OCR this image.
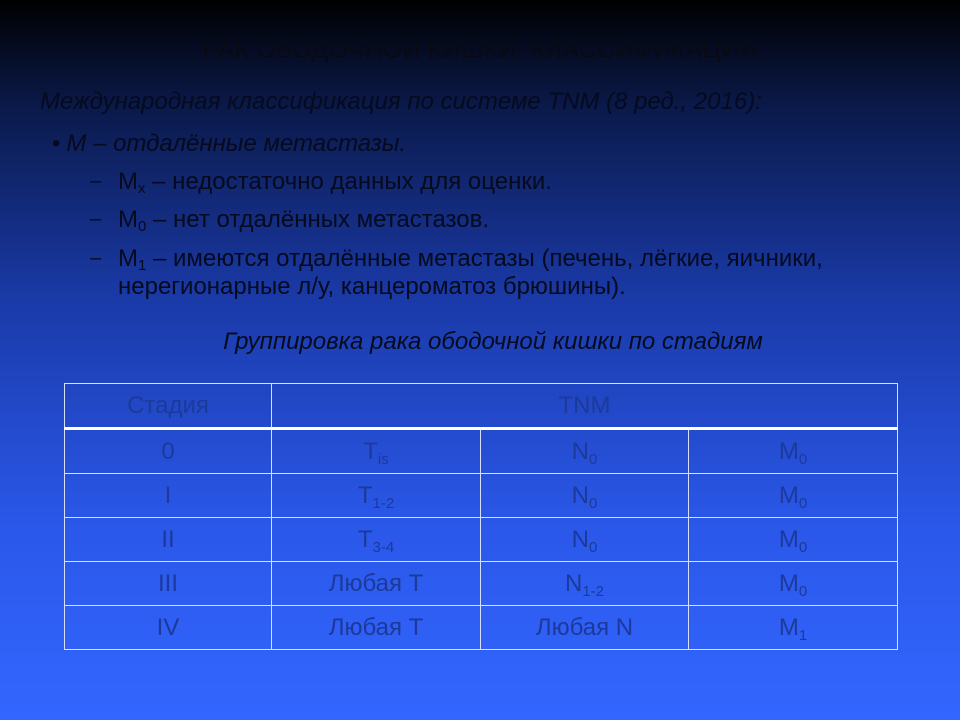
РАК ОБОДОЧНОЙ КИШКИ. КЛАССИФИКАЦИЯ
Международная классификация по системе TNM (8 ред., 2016):
• M – отдалённые метастазы.
– $M_x$ – недостаточно данных для оценки.
– $M_0$ – нет отдалённых метастазов.
– $M_1$ – имеются отдалённые метастазы (печень, лёгкие, яичники, нерегионарные л/у, канцероматоз брюшины).
Группировка рака ободочной кишки по стадиям
Стадия	TNM		
0	$T_{is}$	$N_0$	$M_0$
I	$T_{1-2}$	$N_0$	$M_0$
II	$T_{3-4}$	$N_0$	$M_0$
III	Любая T	$N_{1-2}$	$M_0$
IV	Любая T	Любая N	$M_1$
